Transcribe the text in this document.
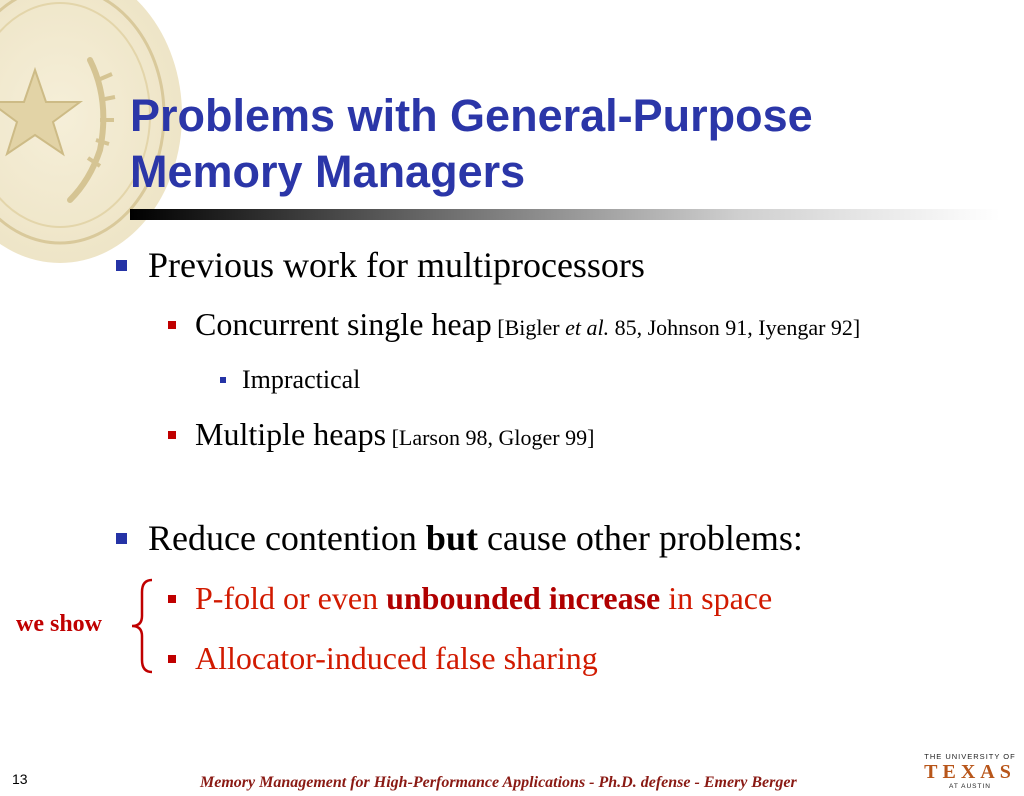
Problems with General-Purpose
Memory Managers
Previous work for multiprocessors
Concurrent single heap [Bigler et al. 85, Johnson 91, Iyengar 92]
Impractical
Multiple heaps [Larson 98, Gloger 99]
Reduce contention but cause other problems:
P-fold or even unbounded increase in space
Allocator-induced false sharing
we show
13	Memory Management for High-Performance Applications - Ph.D. defense - Emery Berger
THE UNIVERSITY OF
TEXAS
AT AUSTIN
